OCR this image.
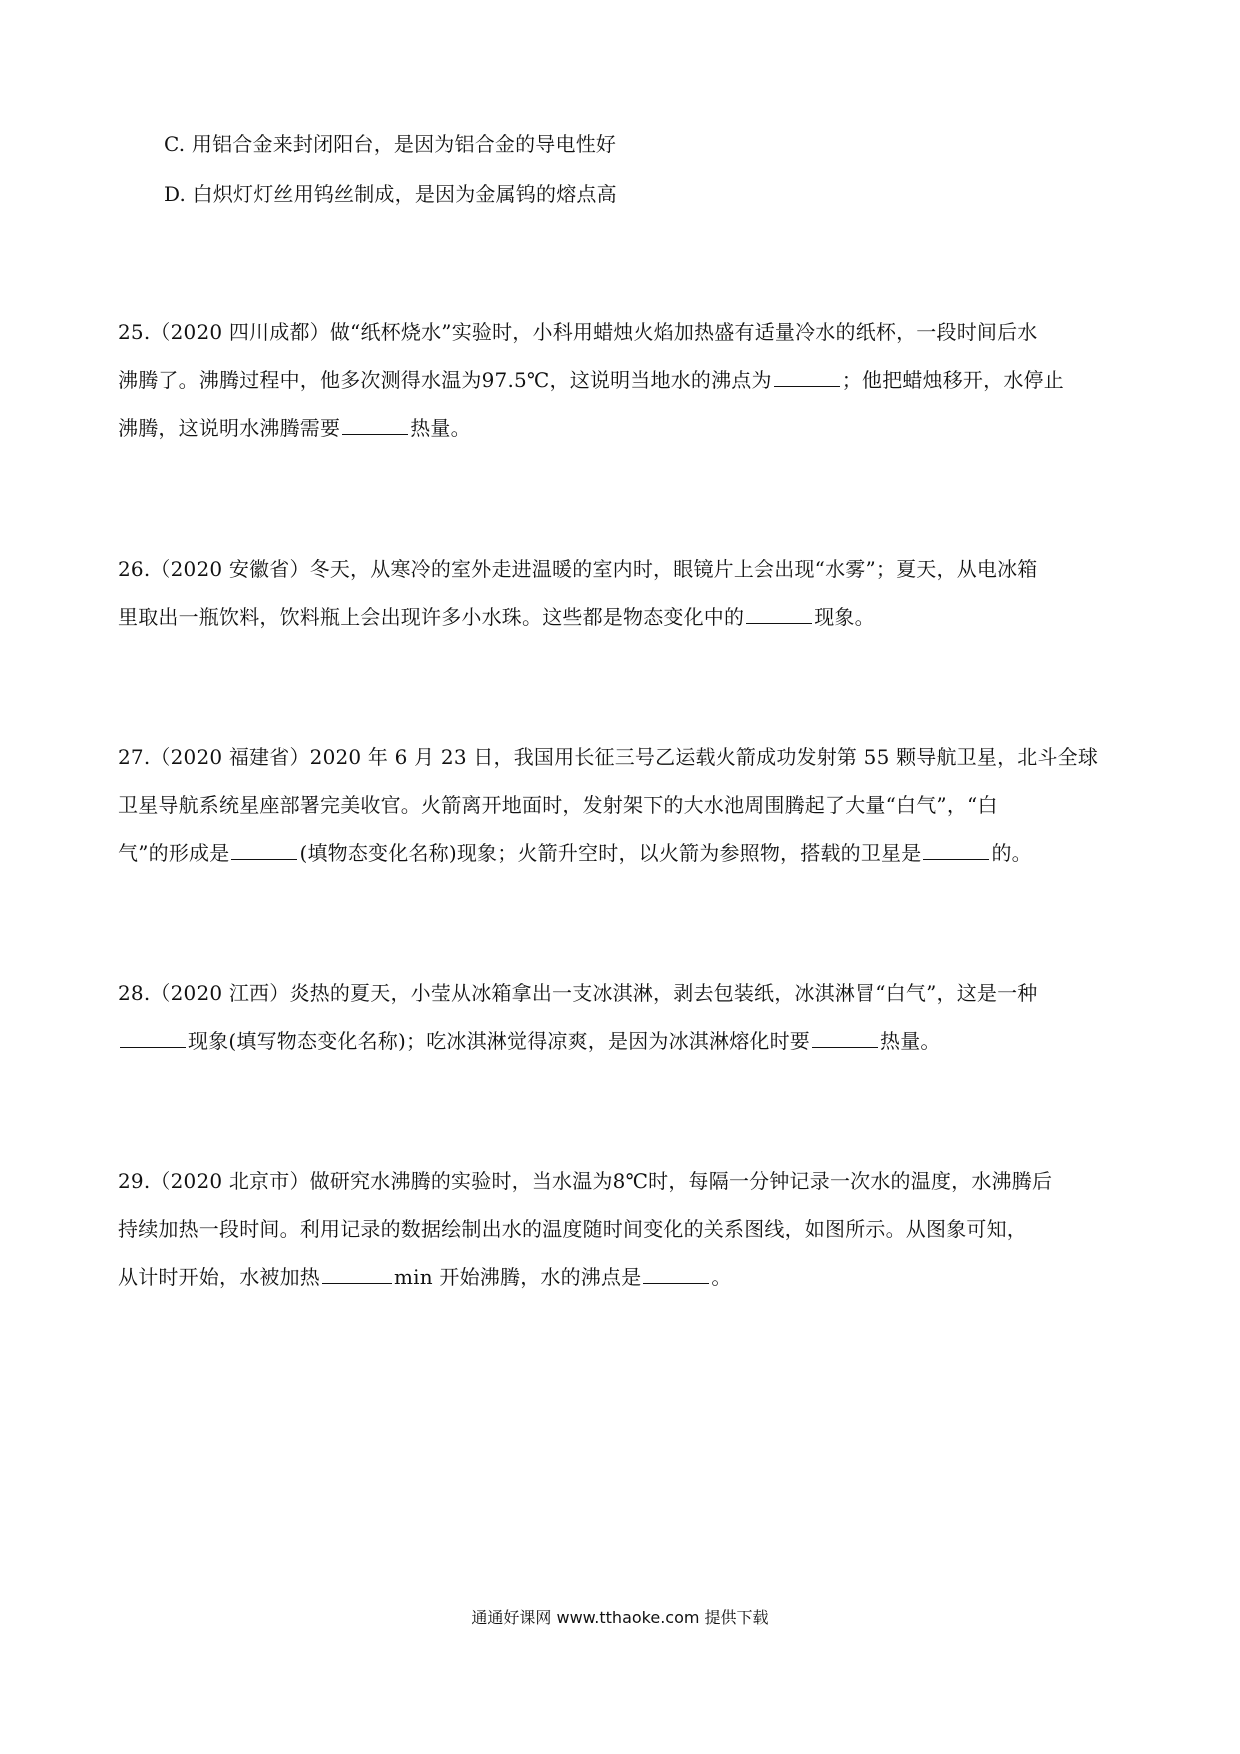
C. 用铝合金来封闭阳台，是因为铝合金的导电性好
D. 白炽灯灯丝用钨丝制成，是因为金属钨的熔点高
25.（2020 四川成都）做“纸杯烧水”实验时，小科用蜡烛火焰加热盛有适量冷水的纸杯，一段时间后水
沸腾了。沸腾过程中，他多次测得水温为97.5℃，这说明当地水的沸点为	；他把蜡烛移开，水停止
沸腾，这说明水沸腾需要	热量。
26.（2020 安徽省）冬天，从寒冷的室外走进温暖的室内时，眼镜片上会出现“水雾”；夏天，从电冰箱
里取出一瓶饮料，饮料瓶上会出现许多小水珠。这些都是物态变化中的	现象。
27.（2020 福建省）2020 年 6 月 23 日，我国用长征三号乙运载火箭成功发射第 55 颗导航卫星，北斗全球
卫星导航系统星座部署完美收官。火箭离开地面时，发射架下的大水池周围腾起了大量“白气”，“白
气”的形成是	(填物态变化名称)现象；火箭升空时，以火箭为参照物，搭载的卫星是	的。
28.（2020 江西）炎热的夏天，小莹从冰箱拿出一支冰淇淋，剥去包装纸，冰淇淋冒“白气”，这是一种
现象(填写物态变化名称)；吃冰淇淋觉得凉爽，是因为冰淇淋熔化时要	热量。
29.（2020 北京市）做研究水沸腾的实验时，当水温为8℃时，每隔一分钟记录一次水的温度，水沸腾后
持续加热一段时间。利用记录的数据绘制出水的温度随时间变化的关系图线，如图所示。从图象可知，
从计时开始，水被加热	min 开始沸腾，水的沸点是	。
通通好课网 www.tthaoke.com 提供下载
